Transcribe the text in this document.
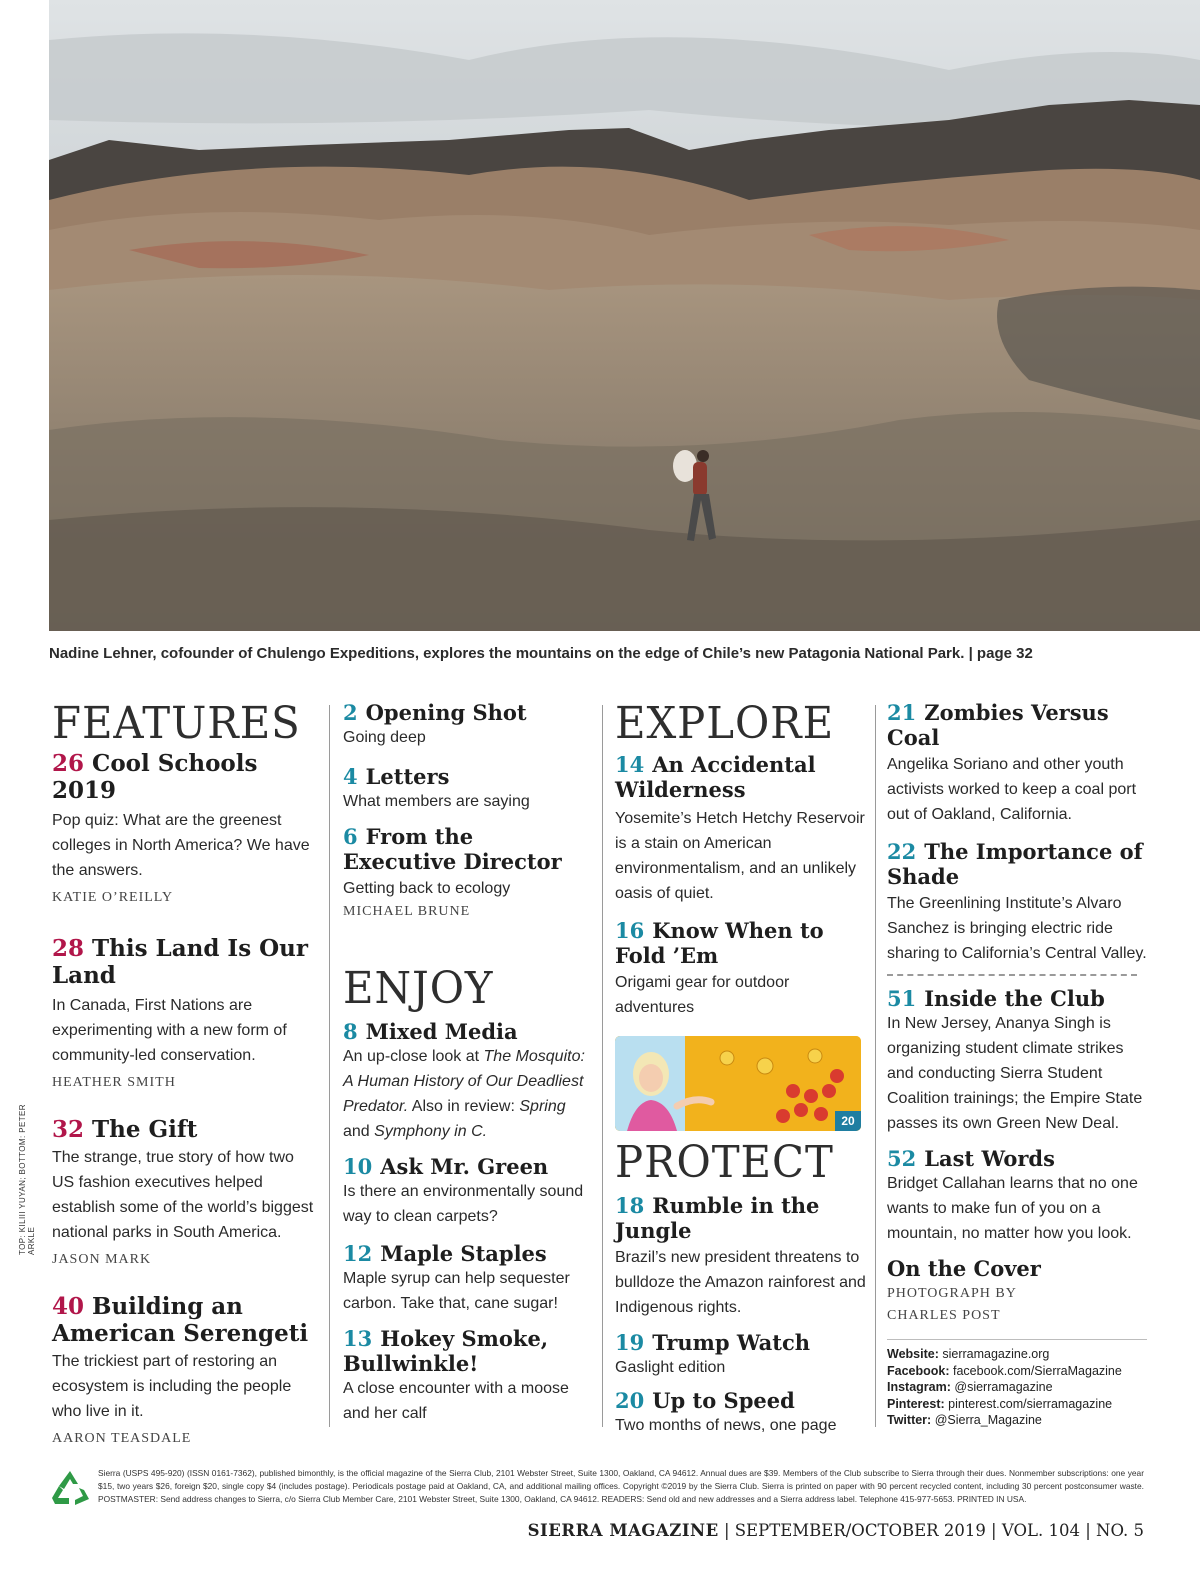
TOP: KILIII YUYAN; BOTTOM: PETER ARKLE
Nadine Lehner, cofounder of Chulengo Expeditions, explores the mountains on the edge of Chile’s new Patagonia National Park. | page 32
FEATURES
26 Cool Schools 2019
Pop quiz: What are the greenest colleges in North America? We have the answers.
KATIE O’REILLY
28 This Land Is Our Land
In Canada, First Nations are experimenting with a new form of community-led conservation.
HEATHER SMITH
32 The Gift
The strange, true story of how two US fashion executives helped establish some of the world’s biggest national parks in South America.
JASON MARK
40 Building an American Serengeti
The trickiest part of restoring an ecosystem is including the people who live in it.
AARON TEASDALE
2 Opening Shot
Going deep
4 Letters
What members are saying
6 From the Executive Director
Getting back to ecology
MICHAEL BRUNE
ENJOY
8 Mixed Media
An up-close look at The Mosquito: A Human History of Our Deadliest Predator. Also in review: Spring and Symphony in C.
10 Ask Mr. Green
Is there an environmentally sound way to clean carpets?
12 Maple Staples
Maple syrup can help sequester carbon. Take that, cane sugar!
13 Hokey Smoke, Bullwinkle!
A close encounter with a moose and her calf
EXPLORE
14 An Accidental Wilderness
Yosemite’s Hetch Hetchy Reservoir is a stain on American environmentalism, and an unlikely oasis of quiet.
16 Know When to Fold ’Em
Origami gear for outdoor adventures
20
PROTECT
18 Rumble in the Jungle
Brazil’s new president threatens to bulldoze the Amazon rainforest and Indigenous rights.
19 Trump Watch
Gaslight edition
20 Up to Speed
Two months of news, one page
21 Zombies Versus Coal
Angelika Soriano and other youth activists worked to keep a coal port out of Oakland, California.
22 The Importance of Shade
The Greenlining Institute’s Alvaro Sanchez is bringing electric ride sharing to California’s Central Valley.
51 Inside the Club
In New Jersey, Ananya Singh is organizing student climate strikes and conducting Sierra Student Coalition trainings; the Empire State passes its own Green New Deal.
52 Last Words
Bridget Callahan learns that no one wants to make fun of you on a mountain, no matter how you look.
On the Cover
PHOTOGRAPH BY
CHARLES POST
Website: sierramagazine.org
Facebook: facebook.com/SierraMagazine
Instagram: @sierramagazine
Pinterest: pinterest.com/sierramagazine
Twitter: @Sierra_Magazine
Sierra (USPS 495-920) (ISSN 0161-7362), published bimonthly, is the official magazine of the Sierra Club, 2101 Webster Street, Suite 1300, Oakland, CA 94612. Annual dues are $39. Members of the Club subscribe to Sierra through their dues. Nonmember subscriptions: one year $15, two years $26, foreign $20, single copy $4 (includes postage). Periodicals postage paid at Oakland, CA, and additional mailing offices. Copyright ©2019 by the Sierra Club. Sierra is printed on paper with 90 percent recycled content, including 30 percent postconsumer waste. POSTMASTER: Send address changes to Sierra, c/o Sierra Club Member Care, 2101 Webster Street, Suite 1300, Oakland, CA 94612. READERS: Send old and new addresses and a Sierra address label. Telephone 415-977-5653. PRINTED IN USA.
SIERRA MAGAZINE | SEPTEMBER/OCTOBER 2019 | VOL. 104 | NO. 5
